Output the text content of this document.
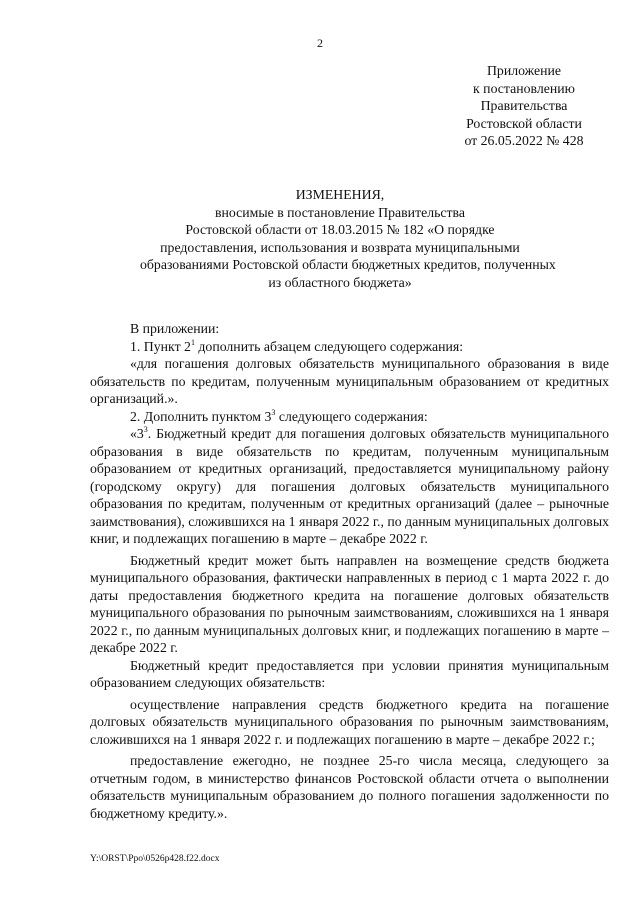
2
Приложение
к постановлению
Правительства
Ростовской области
от 26.05.2022 № 428
ИЗМЕНЕНИЯ,
вносимые в постановление Правительства
Ростовской области от 18.03.2015 № 182 «О порядке
предоставления, использования и возврата муниципальными
образованиями Ростовской области бюджетных кредитов, полученных
из областного бюджета»

В приложении:

1. Пункт $2^1$ дополнить абзацем следующего содержания:

«для погашения долговых обязательств муниципального образования в виде обязательств по кредитам, полученным муниципальным образованием от кредитных организаций.».

2. Дополнить пунктом $3^3$ следующего содержания:

«$3^3$. Бюджетный кредит для погашения долговых обязательств муниципального образования в виде обязательств по кредитам, полученным муниципальным образованием от кредитных организаций, предоставляется муниципальному району (городскому округу) для погашения долговых обязательств муниципального образования по кредитам, полученным от кредитных организаций (далее – рыночные заимствования), сложившихся на 1 января 2022 г., по данным муниципальных долговых книг, и подлежащих погашению в марте – декабре 2022 г.

Бюджетный кредит может быть направлен на возмещение средств бюджета муниципального образования, фактически направленных в период с 1 марта 2022 г. до даты предоставления бюджетного кредита на погашение долговых обязательств муниципального образования по рыночным заимствованиям, сложившихся на 1 января 2022 г., по данным муниципальных долговых книг, и подлежащих погашению в марте – декабре 2022 г.

Бюджетный кредит предоставляется при условии принятия муниципальным образованием следующих обязательств:

осуществление направления средств бюджетного кредита на погашение долговых обязательств муниципального образования по рыночным заимствованиям, сложившихся на 1 января 2022 г. и подлежащих погашению в марте – декабре 2022 г.;

предоставление ежегодно, не позднее 25-го числа месяца, следующего за отчетным годом, в министерство финансов Ростовской области отчета о выполнении обязательств муниципальным образованием до полного погашения задолженности по бюджетному кредиту.».

Y:\ORST\Ppo\0526p428.f22.docx
